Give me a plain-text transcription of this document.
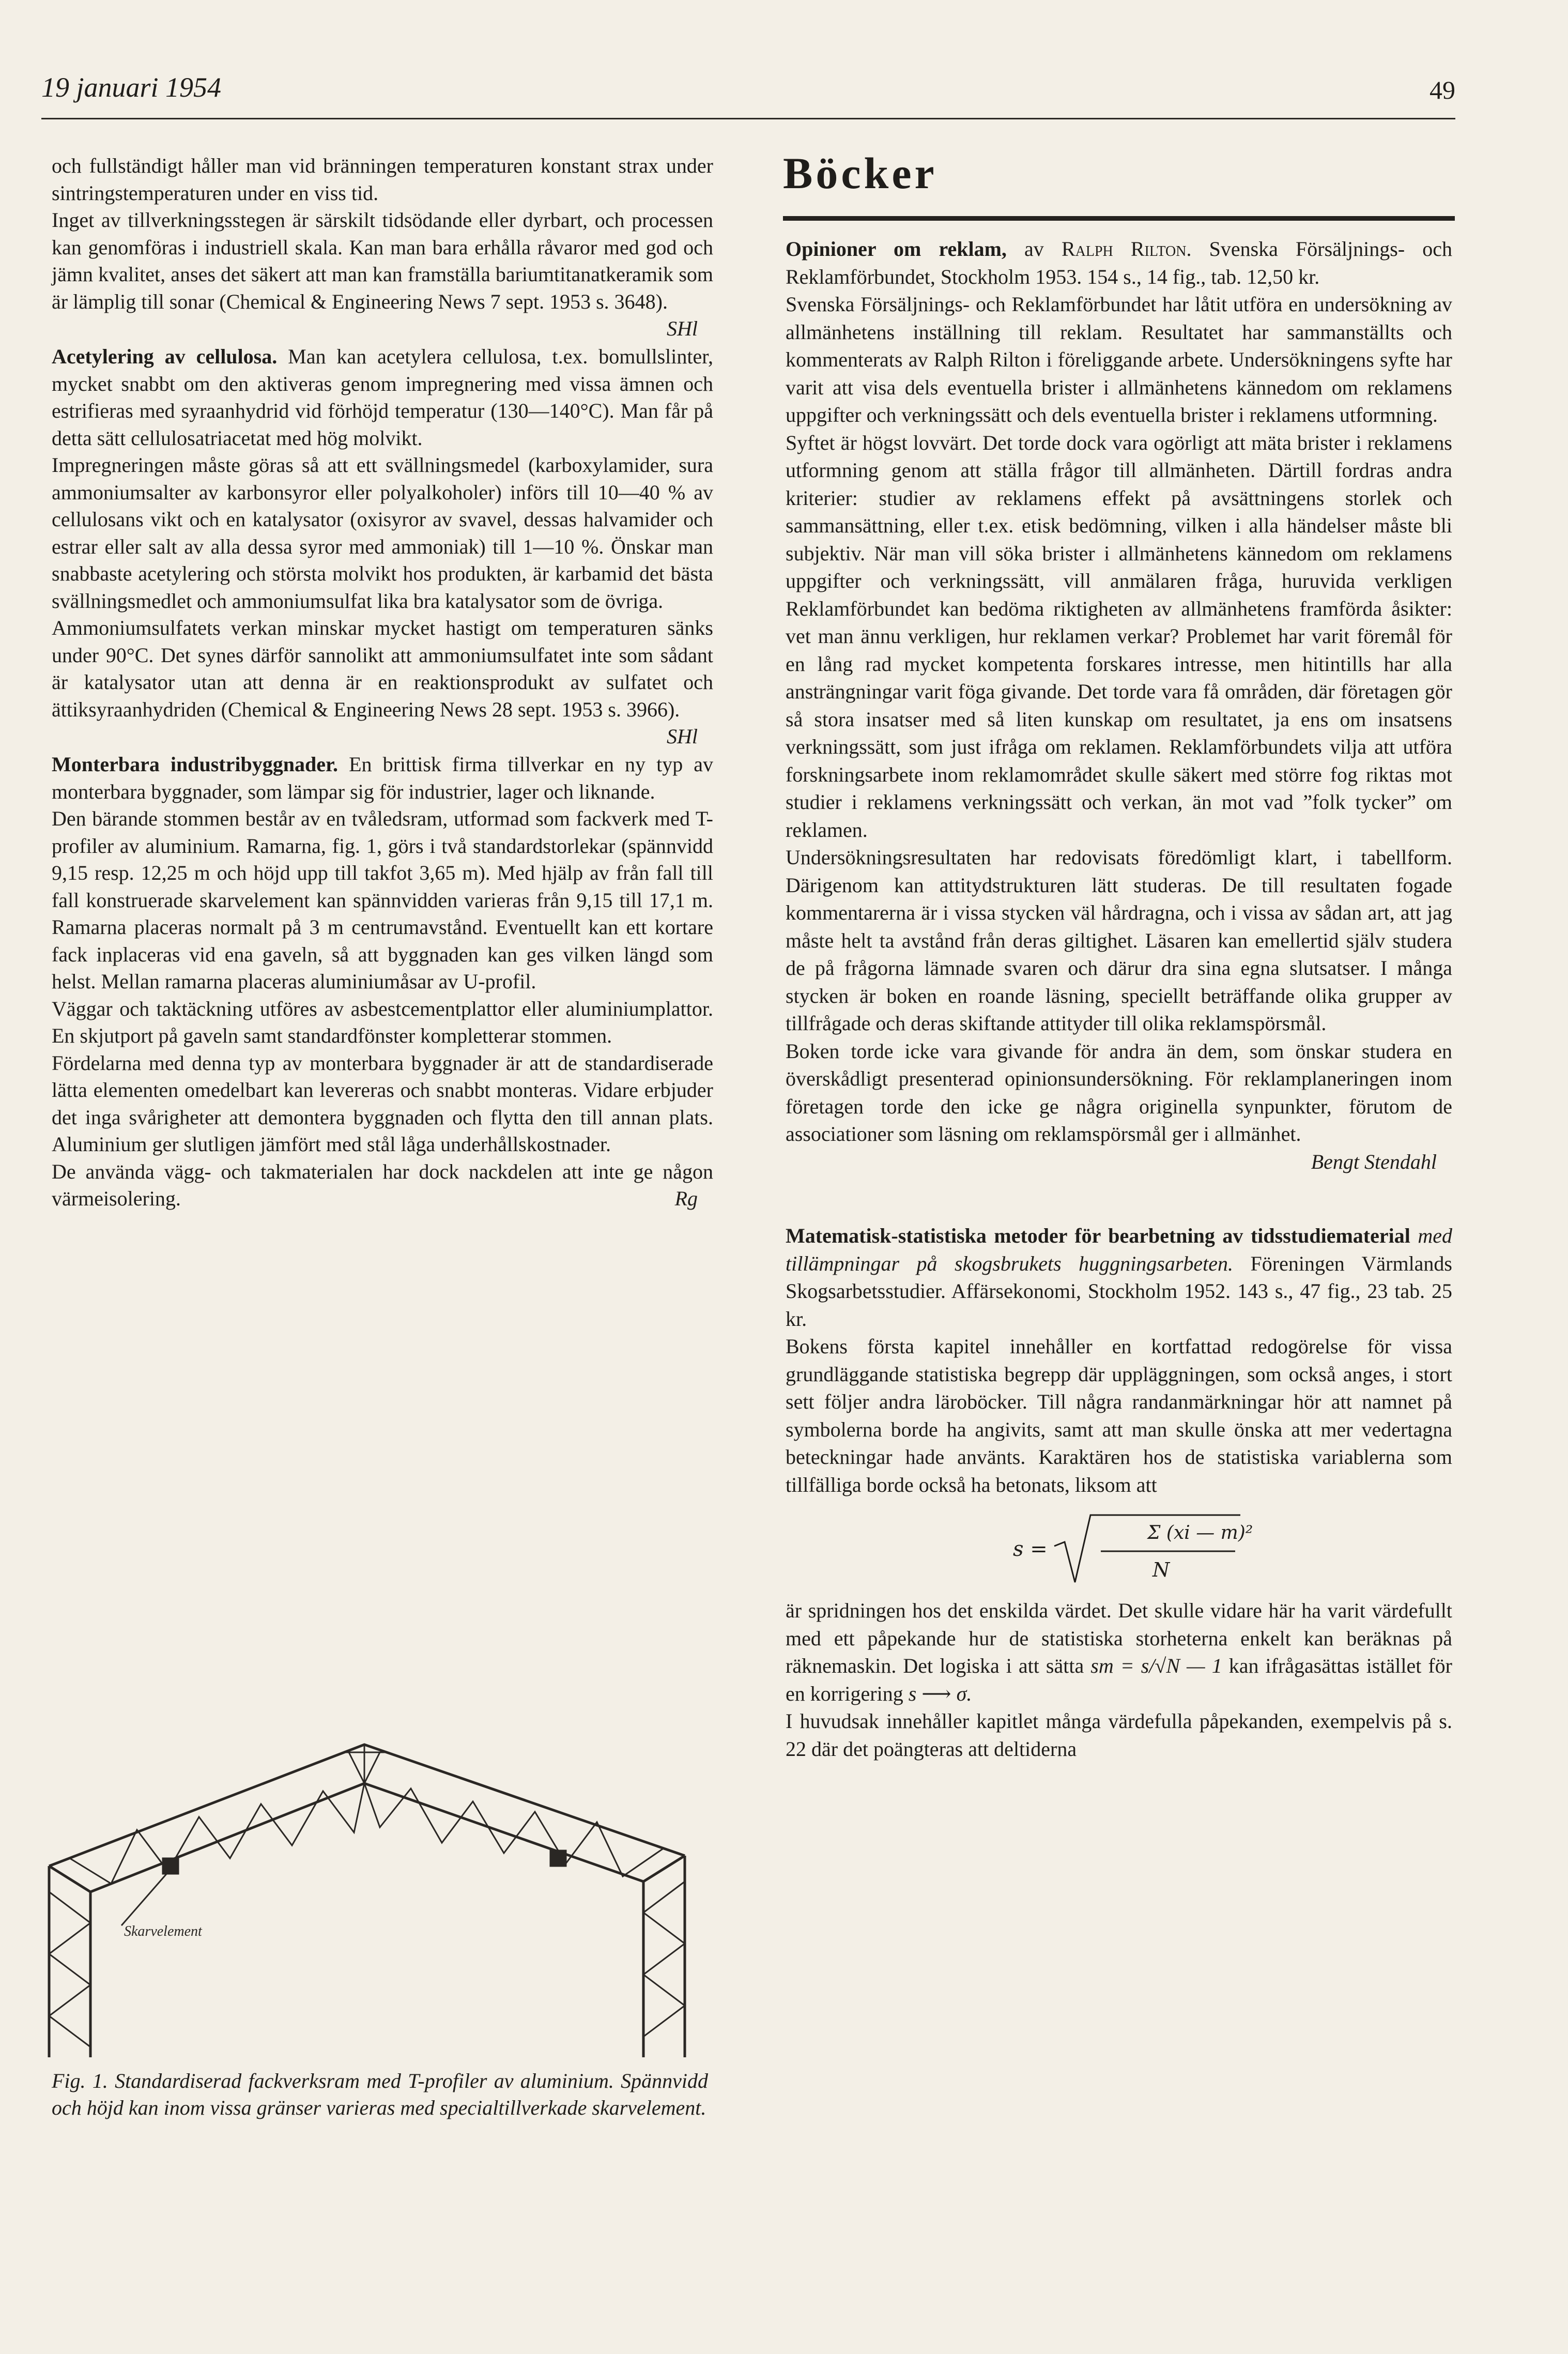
19 januari 1954	49

och fullständigt håller man vid bränningen temperaturen konstant strax under sintringstemperaturen under en viss tid.

Inget av tillverkningsstegen är särskilt tidsödande eller dyrbart, och processen kan genomföras i industriell skala. Kan man bara erhålla råvaror med god och jämn kvalitet, anses det säkert att man kan framställa bariumtitanatkeramik som är lämplig till sonar (Chemical & Engineering News 7 sept. 1953 s. 3648).
SHl

Acetylering av cellulosa. Man kan acetylera cellulosa, t.ex. bomullslinter, mycket snabbt om den aktiveras genom impregnering med vissa ämnen och estrifieras med syraanhydrid vid förhöjd temperatur (130—140°C). Man får på detta sätt cellulosatriacetat med hög molvikt.

Impregneringen måste göras så att ett svällningsmedel (karboxylamider, sura ammoniumsalter av karbonsyror eller polyalkoholer) införs till 10—40 % av cellulosans vikt och en katalysator (oxisyror av svavel, dessas halvamider och estrar eller salt av alla dessa syror med ammoniak) till 1—10 %. Önskar man snabbaste acetylering och största molvikt hos produkten, är karbamid det bästa svällningsmedlet och ammoniumsulfat lika bra katalysator som de övriga.

Ammoniumsulfatets verkan minskar mycket hastigt om temperaturen sänks under 90°C. Det synes därför sannolikt att ammoniumsulfatet inte som sådant är katalysator utan att denna är en reaktionsprodukt av sulfatet och ättiksyraanhydriden (Chemical & Engineering News 28 sept. 1953 s. 3966).
SHl

Monterbara industribyggnader. En brittisk firma tillverkar en ny typ av monterbara byggnader, som lämpar sig för industrier, lager och liknande.

Den bärande stommen består av en tvåledsram, utformad som fackverk med T-profiler av aluminium. Ramarna, fig. 1, görs i två standardstorlekar (spännvidd 9,15 resp. 12,25 m och höjd upp till takfot 3,65 m). Med hjälp av från fall till fall konstruerade skarvelement kan spännvidden varieras från 9,15 till 17,1 m. Ramarna placeras normalt på 3 m centrumavstånd. Eventuellt kan ett kortare fack inplaceras vid ena gaveln, så att byggnaden kan ges vilken längd som helst. Mellan ramarna placeras aluminiumåsar av U-profil.

Väggar och taktäckning utföres av asbestcementplattor eller aluminiumplattor. En skjutport på gaveln samt standardfönster kompletterar stommen.

Fördelarna med denna typ av monterbara byggnader är att de standardiserade lätta elementen omedelbart kan levereras och snabbt monteras. Vidare erbjuder det inga svårigheter att demontera byggnaden och flytta den till annan plats. Aluminium ger slutligen jämfört med stål låga underhållskostnader.

De använda vägg- och takmaterialen har dock nackdelen att inte ge någon värmeisolering.	Rg

Skarvelement
Fig. 1. Standardiserad fackverksram med T-profiler av aluminium. Spännvidd och höjd kan inom vissa gränser varieras med specialtillverkade skarvelement.
Böcker

Opinioner om reklam, av Ralph Rilton. Svenska Försäljnings- och Reklamförbundet, Stockholm 1953. 154 s., 14 fig., tab. 12,50 kr.

Svenska Försäljnings- och Reklamförbundet har låtit utföra en undersökning av allmänhetens inställning till reklam. Resultatet har sammanställts och kommenterats av Ralph Rilton i föreliggande arbete. Undersökningens syfte har varit att visa dels eventuella brister i allmänhetens kännedom om reklamens uppgifter och verkningssätt och dels eventuella brister i reklamens utformning.

Syftet är högst lovvärt. Det torde dock vara ogörligt att mäta brister i reklamens utformning genom att ställa frågor till allmänheten. Därtill fordras andra kriterier: studier av reklamens effekt på avsättningens storlek och sammansättning, eller t.ex. etisk bedömning, vilken i alla händelser måste bli subjektiv. När man vill söka brister i allmänhetens kännedom om reklamens uppgifter och verkningssätt, vill anmälaren fråga, huruvida verkligen Reklamförbundet kan bedöma riktigheten av allmänhetens framförda åsikter: vet man ännu verkligen, hur reklamen verkar? Problemet har varit föremål för en lång rad mycket kompetenta forskares intresse, men hitintills har alla ansträngningar varit föga givande. Det torde vara få områden, där företagen gör så stora insatser med så liten kunskap om resultatet, ja ens om insatsens verkningssätt, som just ifråga om reklamen. Reklamförbundets vilja att utföra forskningsarbete inom reklamområdet skulle säkert med större fog riktas mot studier i reklamens verkningssätt och verkan, än mot vad ”folk tycker” om reklamen.

Undersökningsresultaten har redovisats föredömligt klart, i tabellform. Därigenom kan attitydstrukturen lätt studeras. De till resultaten fogade kommentarerna är i vissa stycken väl hårdragna, och i vissa av sådan art, att jag måste helt ta avstånd från deras giltighet. Läsaren kan emellertid själv studera de på frågorna lämnade svaren och därur dra sina egna slutsatser. I många stycken är boken en roande läsning, speciellt beträffande olika grupper av tillfrågade och deras skiftande attityder till olika reklamspörsmål.

Boken torde icke vara givande för andra än dem, som önskar studera en överskådligt presenterad opinionsundersökning. För reklamplaneringen inom företagen torde den icke ge några originella synpunkter, förutom de associationer som läsning om reklamspörsmål ger i allmänhet.

Bengt Stendahl

Matematisk-statistiska metoder för bearbetning av tidsstudiematerial med tillämpningar på skogsbrukets huggningsarbeten. Föreningen Värmlands Skogsarbetsstudier. Affärsekonomi, Stockholm 1952. 143 s., 47 fig., 23 tab. 25 kr.

Bokens första kapitel innehåller en kortfattad redogörelse för vissa grundläggande statistiska begrepp där uppläggningen, som också anges, i stort sett följer andra läroböcker. Till några randanmärkningar hör att namnet på symbolerna borde ha angivits, samt att man skulle önska att mer vedertagna beteckningar hade använts. Karaktären hos de statistiska variablerna som tillfälliga borde också ha betonats, liksom att

s =
Σ (xi — m)²
N

är spridningen hos det enskilda värdet. Det skulle vidare här ha varit värdefullt med ett påpekande hur de statistiska storheterna enkelt kan beräknas på räknemaskin. Det logiska i att sätta sm = s/√N — 1 kan ifrågasättas istället för en korrigering s ⟶ σ.

I huvudsak innehåller kapitlet många värdefulla påpekanden, exempelvis på s. 22 där det poängteras att deltiderna
